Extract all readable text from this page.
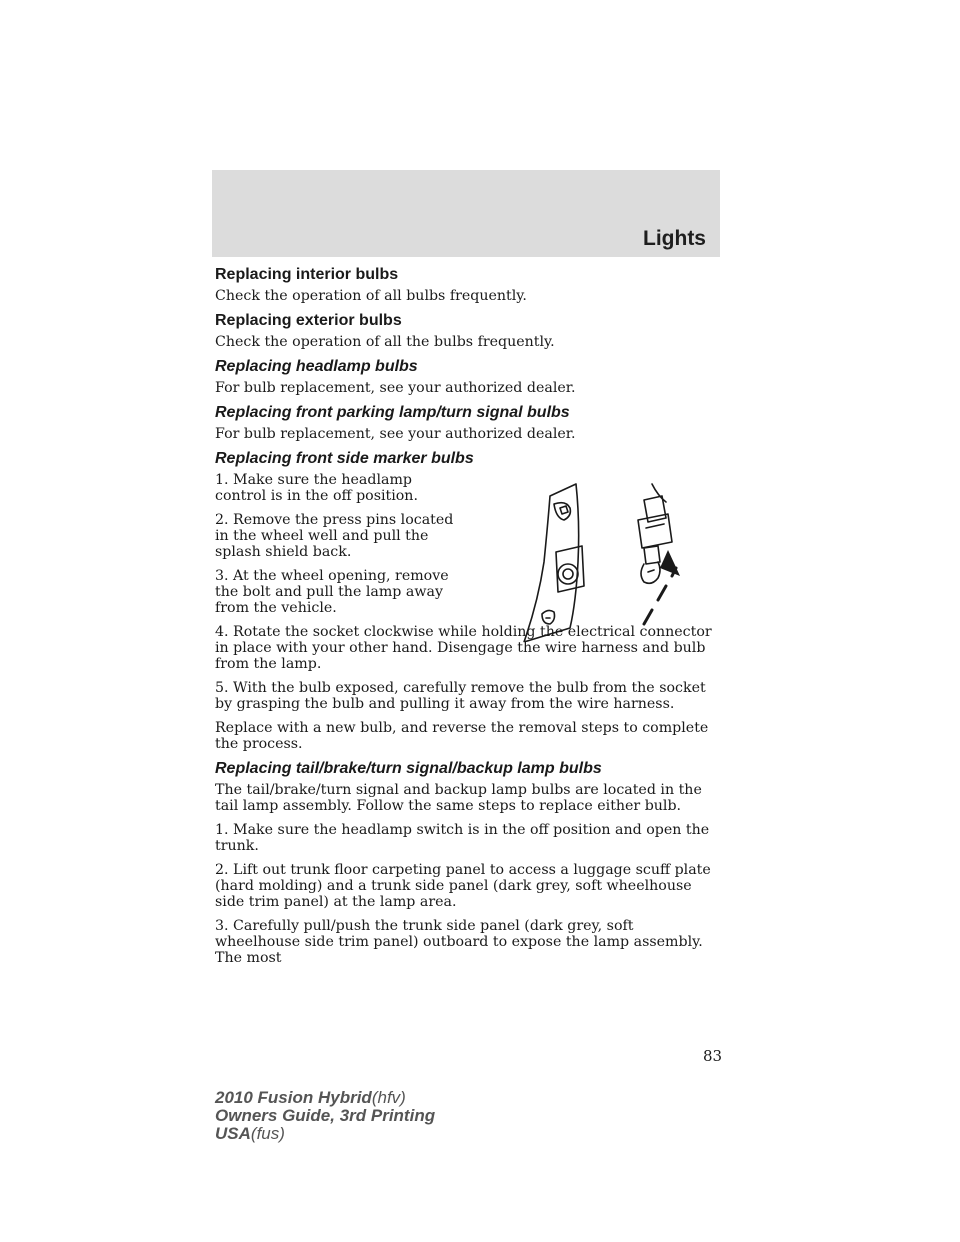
Lights
Replacing interior bulbs

Check the operation of all bulbs frequently.

Replacing exterior bulbs

Check the operation of all the bulbs frequently.

Replacing headlamp bulbs

For bulb replacement, see your authorized dealer.

Replacing front parking lamp/turn signal bulbs

For bulb replacement, see your authorized dealer.

Replacing front side marker bulbs

1. Make sure the headlamp control is in the off position.

2. Remove the press pins located in the wheel well and pull the splash shield back.

3. At the wheel opening, remove the bolt and pull the lamp away from the vehicle.

4. Rotate the socket clockwise while holding the electrical connector in place with your other hand. Disengage the wire harness and bulb from the lamp.

5. With the bulb exposed, carefully remove the bulb from the socket by grasping the bulb and pulling it away from the wire harness.

Replace with a new bulb, and reverse the removal steps to complete the process.

Replacing tail/brake/turn signal/backup lamp bulbs

The tail/brake/turn signal and backup lamp bulbs are located in the tail lamp assembly. Follow the same steps to replace either bulb.

1. Make sure the headlamp switch is in the off position and open the trunk.

2. Lift out trunk floor carpeting panel to access a luggage scuff plate (hard molding) and a trunk side panel (dark grey, soft wheelhouse side trim panel) at the lamp area.

3. Carefully pull/push the trunk side panel (dark grey, soft wheelhouse side trim panel) outboard to expose the lamp assembly. The most

83
2010 Fusion Hybrid(hfv)
Owners Guide, 3rd Printing
USA(fus)
